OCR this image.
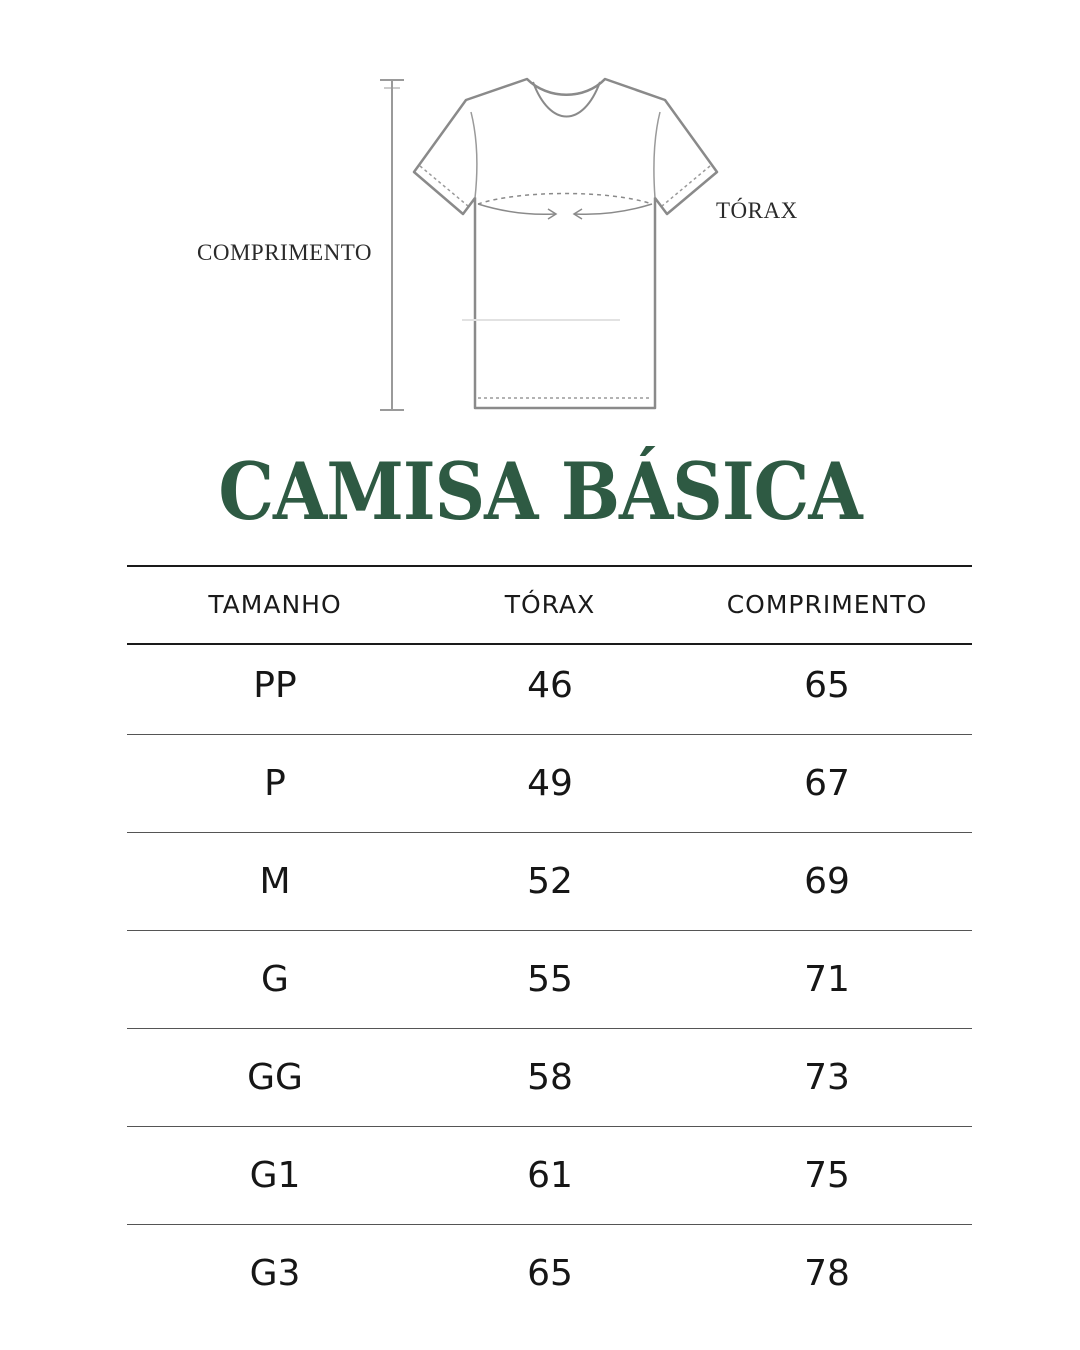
COMPRIMENTO
TÓRAX
CAMISA BÁSICA
TAMANHO	TÓRAX	COMPRIMENTO
PP	46	65
P	49	67
M	52	69
G	55	71
GG	58	73
G1	61	75
G3	65	78
